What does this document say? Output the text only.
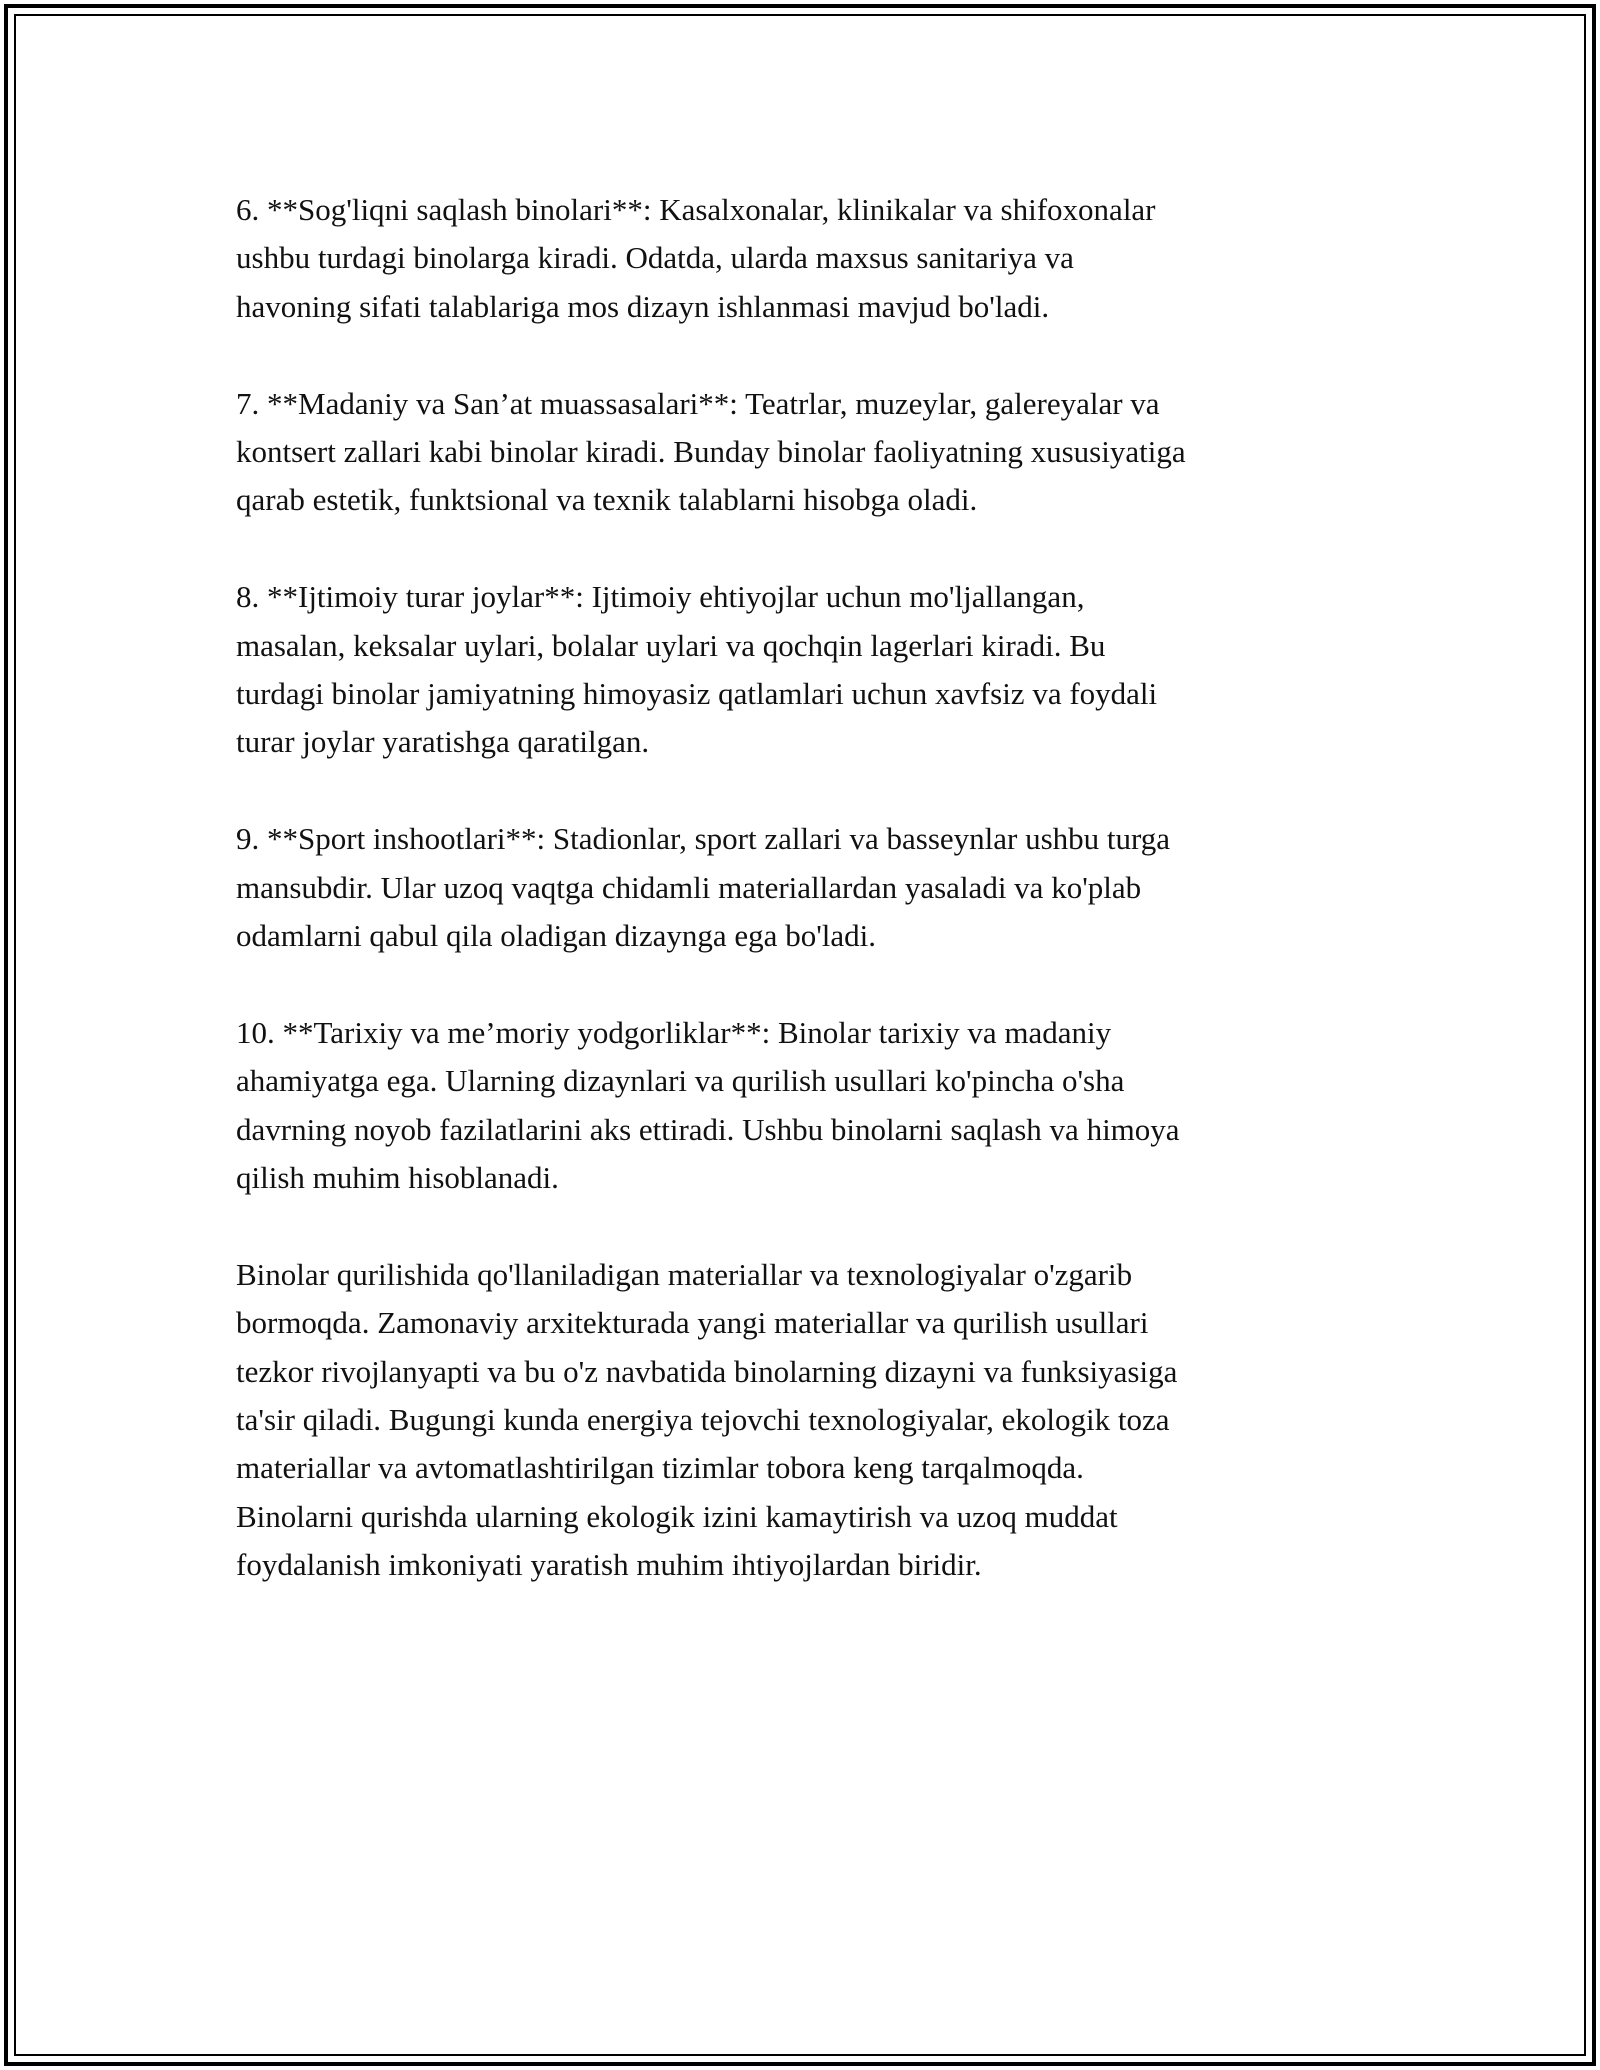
6. **Sog'liqni saqlash binolari**: Kasalxonalar, klinikalar va shifoxonalar
ushbu turdagi binolarga kiradi. Odatda, ularda maxsus sanitariya va
havoning sifati talablariga mos dizayn ishlanmasi mavjud bo'ladi.

7. **Madaniy va San’at muassasalari**: Teatrlar, muzeylar, galereyalar va
kontsert zallari kabi binolar kiradi. Bunday binolar faoliyatning xususiyatiga
qarab estetik, funktsional va texnik talablarni hisobga oladi.

8. **Ijtimoiy turar joylar**: Ijtimoiy ehtiyojlar uchun mo'ljallangan,
masalan, keksalar uylari, bolalar uylari va qochqin lagerlari kiradi. Bu
turdagi binolar jamiyatning himoyasiz qatlamlari uchun xavfsiz va foydali
turar joylar yaratishga qaratilgan.

9. **Sport inshootlari**: Stadionlar, sport zallari va basseynlar ushbu turga
mansubdir. Ular uzoq vaqtga chidamli materiallardan yasaladi va ko'plab
odamlarni qabul qila oladigan dizaynga ega bo'ladi.

10. **Tarixiy va me’moriy yodgorliklar**: Binolar tarixiy va madaniy
ahamiyatga ega. Ularning dizaynlari va qurilish usullari ko'pincha o'sha
davrning noyob fazilatlarini aks ettiradi. Ushbu binolarni saqlash va himoya
qilish muhim hisoblanadi.

Binolar qurilishida qo'llaniladigan materiallar va texnologiyalar o'zgarib
bormoqda. Zamonaviy arxitekturada yangi materiallar va qurilish usullari
tezkor rivojlanyapti va bu o'z navbatida binolarning dizayni va funksiyasiga
ta'sir qiladi. Bugungi kunda energiya tejovchi texnologiyalar, ekologik toza
materiallar va avtomatlashtirilgan tizimlar tobora keng tarqalmoqda.
Binolarni qurishda ularning ekologik izini kamaytirish va uzoq muddat
foydalanish imkoniyati yaratish muhim ihtiyojlardan biridir.
